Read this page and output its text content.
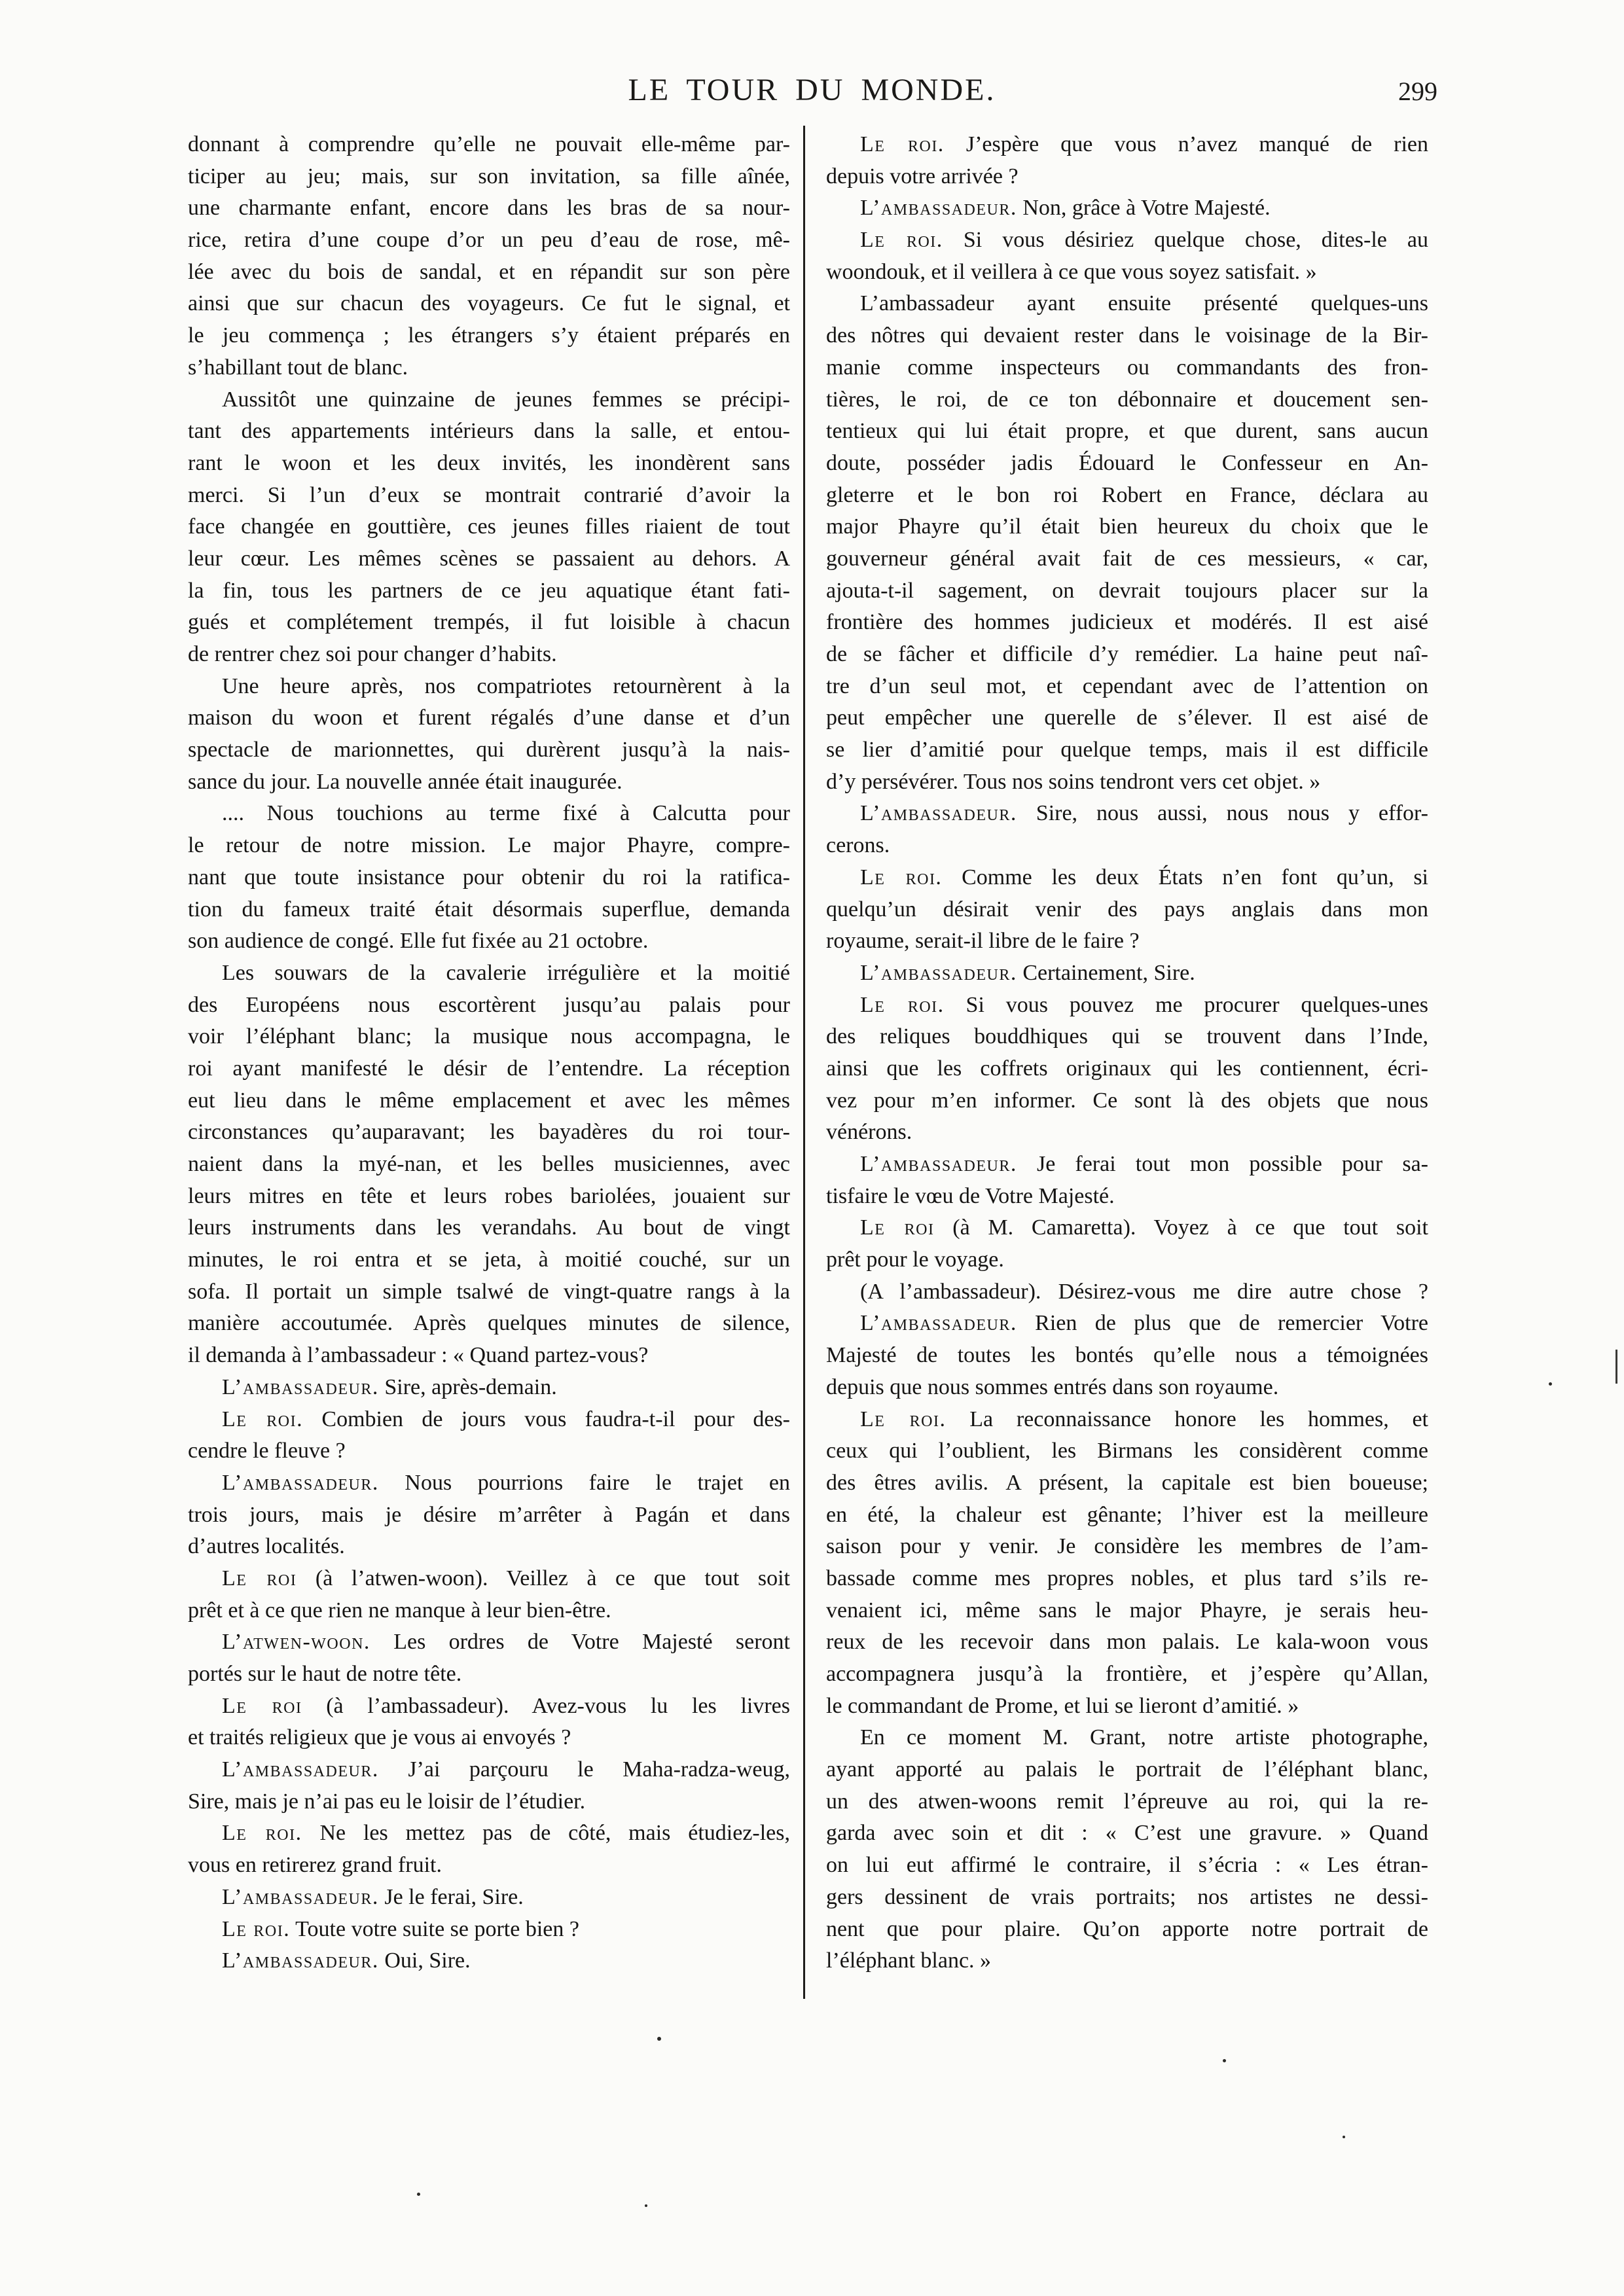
LE TOUR DU MONDE.	299
donnant à comprendre qu’elle ne pouvait elle-même par-
ticiper au jeu; mais, sur son invitation, sa fille aînée,
une charmante enfant, encore dans les bras de sa nour-
rice, retira d’une coupe d’or un peu d’eau de rose, mê-
lée avec du bois de sandal, et en répandit sur son père
ainsi que sur chacun des voyageurs. Ce fut le signal, et
le jeu commença ; les étrangers s’y étaient préparés en
s’habillant tout de blanc.
Aussitôt une quinzaine de jeunes femmes se précipi-
tant des appartements intérieurs dans la salle, et entou-
rant le woon et les deux invités, les inondèrent sans
merci. Si l’un d’eux se montrait contrarié d’avoir la
face changée en gouttière, ces jeunes filles riaient de tout
leur cœur. Les mêmes scènes se passaient au dehors. A
la fin, tous les partners de ce jeu aquatique étant fati-
gués et complétement trempés, il fut loisible à chacun
de rentrer chez soi pour changer d’habits.
Une heure après, nos compatriotes retournèrent à la
maison du woon et furent régalés d’une danse et d’un
spectacle de marionnettes, qui durèrent jusqu’à la nais-
sance du jour. La nouvelle année était inaugurée.
.... Nous touchions au terme fixé à Calcutta pour
le retour de notre mission. Le major Phayre, compre-
nant que toute insistance pour obtenir du roi la ratifica-
tion du fameux traité était désormais superflue, demanda
son audience de congé. Elle fut fixée au 21 octobre.
Les souwars de la cavalerie irrégulière et la moitié
des Européens nous escortèrent jusqu’au palais pour
voir l’éléphant blanc; la musique nous accompagna, le
roi ayant manifesté le désir de l’entendre. La réception
eut lieu dans le même emplacement et avec les mêmes
circonstances qu’auparavant; les bayadères du roi tour-
naient dans la myé-nan, et les belles musiciennes, avec
leurs mitres en tête et leurs robes bariolées, jouaient sur
leurs instruments dans les verandahs. Au bout de vingt
minutes, le roi entra et se jeta, à moitié couché, sur un
sofa. Il portait un simple tsalwé de vingt-quatre rangs à la
manière accoutumée. Après quelques minutes de silence,
il demanda à l’ambassadeur : « Quand partez-vous?
L’ambassadeur. Sire, après-demain.
Le roi. Combien de jours vous faudra-t-il pour des-
cendre le fleuve ?
L’ambassadeur. Nous pourrions faire le trajet en
trois jours, mais je désire m’arrêter à Pagán et dans
d’autres localités.
Le roi (à l’atwen-woon). Veillez à ce que tout soit
prêt et à ce que rien ne manque à leur bien-être.
L’atwen-woon. Les ordres de Votre Majesté seront
portés sur le haut de notre tête.
Le roi (à l’ambassadeur). Avez-vous lu les livres
et traités religieux que je vous ai envoyés ?
L’ambassadeur. J’ai parçouru le Maha-radza-weug,
Sire, mais je n’ai pas eu le loisir de l’étudier.
Le roi. Ne les mettez pas de côté, mais étudiez-les,
vous en retirerez grand fruit.
L’ambassadeur. Je le ferai, Sire.
Le roi. Toute votre suite se porte bien ?
L’ambassadeur. Oui, Sire.
Le roi. J’espère que vous n’avez manqué de rien
depuis votre arrivée ?
L’ambassadeur. Non, grâce à Votre Majesté.
Le roi. Si vous désiriez quelque chose, dites-le au
woondouk, et il veillera à ce que vous soyez satisfait. »
L’ambassadeur ayant ensuite présenté quelques-uns
des nôtres qui devaient rester dans le voisinage de la Bir-
manie comme inspecteurs ou commandants des fron-
tières, le roi, de ce ton débonnaire et doucement sen-
tentieux qui lui était propre, et que durent, sans aucun
doute, posséder jadis Édouard le Confesseur en An-
gleterre et le bon roi Robert en France, déclara au
major Phayre qu’il était bien heureux du choix que le
gouverneur général avait fait de ces messieurs, « car,
ajouta-t-il sagement, on devrait toujours placer sur la
frontière des hommes judicieux et modérés. Il est aisé
de se fâcher et difficile d’y remédier. La haine peut naî-
tre d’un seul mot, et cependant avec de l’attention on
peut empêcher une querelle de s’élever. Il est aisé de
se lier d’amitié pour quelque temps, mais il est difficile
d’y persévérer. Tous nos soins tendront vers cet objet. »
L’ambassadeur. Sire, nous aussi, nous nous y effor-
cerons.
Le roi. Comme les deux États n’en font qu’un, si
quelqu’un désirait venir des pays anglais dans mon
royaume, serait-il libre de le faire ?
L’ambassadeur. Certainement, Sire.
Le roi. Si vous pouvez me procurer quelques-unes
des reliques bouddhiques qui se trouvent dans l’Inde,
ainsi que les coffrets originaux qui les contiennent, écri-
vez pour m’en informer. Ce sont là des objets que nous
vénérons.
L’ambassadeur. Je ferai tout mon possible pour sa-
tisfaire le vœu de Votre Majesté.
Le roi (à M. Camaretta). Voyez à ce que tout soit
prêt pour le voyage.
(A l’ambassadeur). Désirez-vous me dire autre chose ?
L’ambassadeur. Rien de plus que de remercier Votre
Majesté de toutes les bontés qu’elle nous a témoignées
depuis que nous sommes entrés dans son royaume.
Le roi. La reconnaissance honore les hommes, et
ceux qui l’oublient, les Birmans les considèrent comme
des êtres avilis. A présent, la capitale est bien boueuse;
en été, la chaleur est gênante; l’hiver est la meilleure
saison pour y venir. Je considère les membres de l’am-
bassade comme mes propres nobles, et plus tard s’ils re-
venaient ici, même sans le major Phayre, je serais heu-
reux de les recevoir dans mon palais. Le kala-woon vous
accompagnera jusqu’à la frontière, et j’espère qu’Allan,
le commandant de Prome, et lui se lieront d’amitié. »
En ce moment M. Grant, notre artiste photographe,
ayant apporté au palais le portrait de l’éléphant blanc,
un des atwen-woons remit l’épreuve au roi, qui la re-
garda avec soin et dit : « C’est une gravure. » Quand
on lui eut affirmé le contraire, il s’écria : « Les étran-
gers dessinent de vrais portraits; nos artistes ne dessi-
nent que pour plaire. Qu’on apporte notre portrait de
l’éléphant blanc. »
